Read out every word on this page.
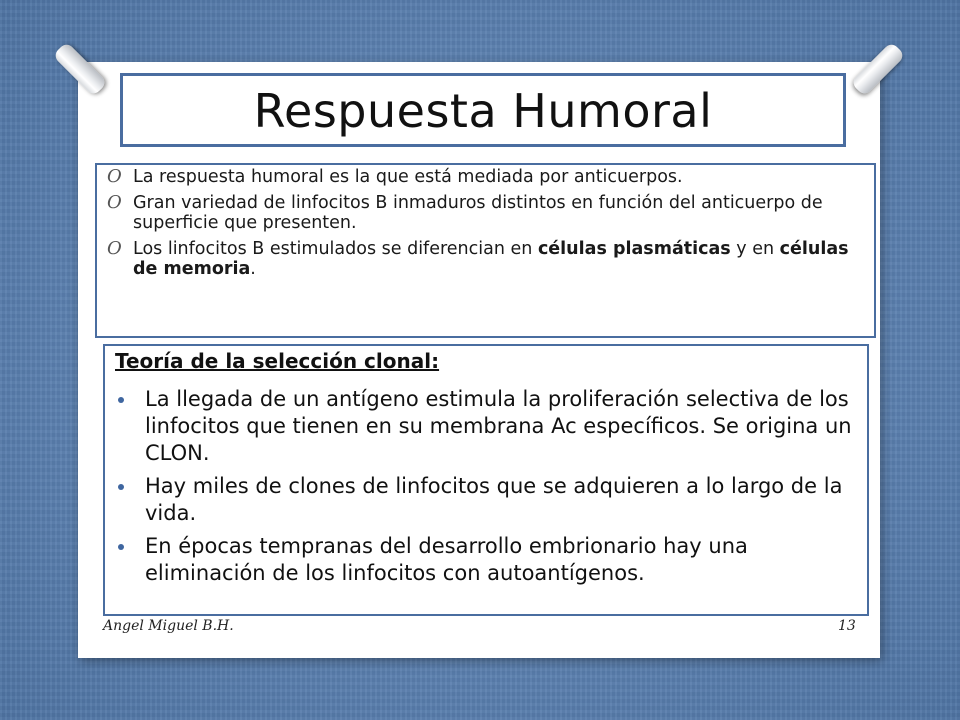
Respuesta Humoral
O La respuesta humoral es la que está mediada por anticuerpos.
O Gran variedad de linfocitos B inmaduros distintos en función del anticuerpo de superficie que presenten.
O Los linfocitos B estimulados se diferencian en células plasmáticas y en células de memoria.
Teoría de la selección clonal:
La llegada de un antígeno estimula la proliferación selectiva de los linfocitos que tienen en su membrana Ac específicos. Se origina un CLON.
Hay miles de clones de linfocitos que se adquieren a lo largo de la vida.
En épocas tempranas del desarrollo embrionario hay una eliminación de los linfocitos con autoantígenos.
Angel Miguel B.H.	13
